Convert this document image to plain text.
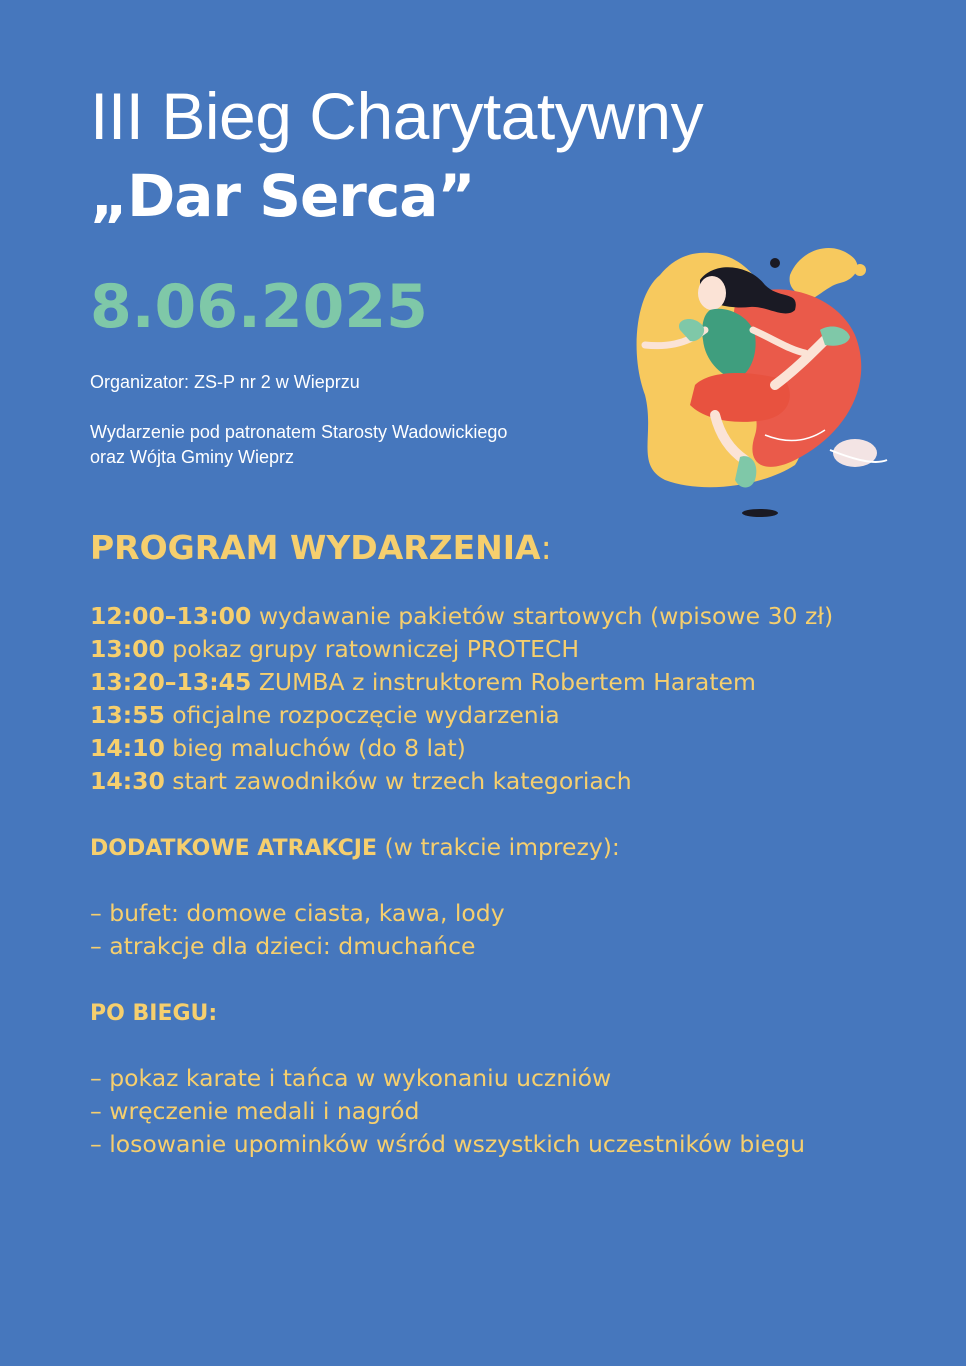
III Bieg Charytatywny
„Dar Serca”
8.06.2025
Organizator: ZS-P nr 2 w Wieprzu
Wydarzenie pod patronatem Starosty Wadowickiego
oraz Wójta Gminy Wieprz
PROGRAM WYDARZENIA:
12:00–13:00 wydawanie pakietów startowych (wpisowe 30 zł)
13:00 pokaz grupy ratowniczej PROTECH
13:20–13:45 ZUMBA z instruktorem Robertem Haratem
13:55 oficjalne rozpoczęcie wydarzenia
14:10 bieg maluchów (do 8 lat)
14:30 start zawodników w trzech kategoriach
DODATKOWE ATRAKCJE (w trakcie imprezy):
– bufet: domowe ciasta, kawa, lody
– atrakcje dla dzieci: dmuchańce
PO BIEGU:
– pokaz karate i tańca w wykonaniu uczniów
– wręczenie medali i nagród
– losowanie upominków wśród wszystkich uczestników biegu
